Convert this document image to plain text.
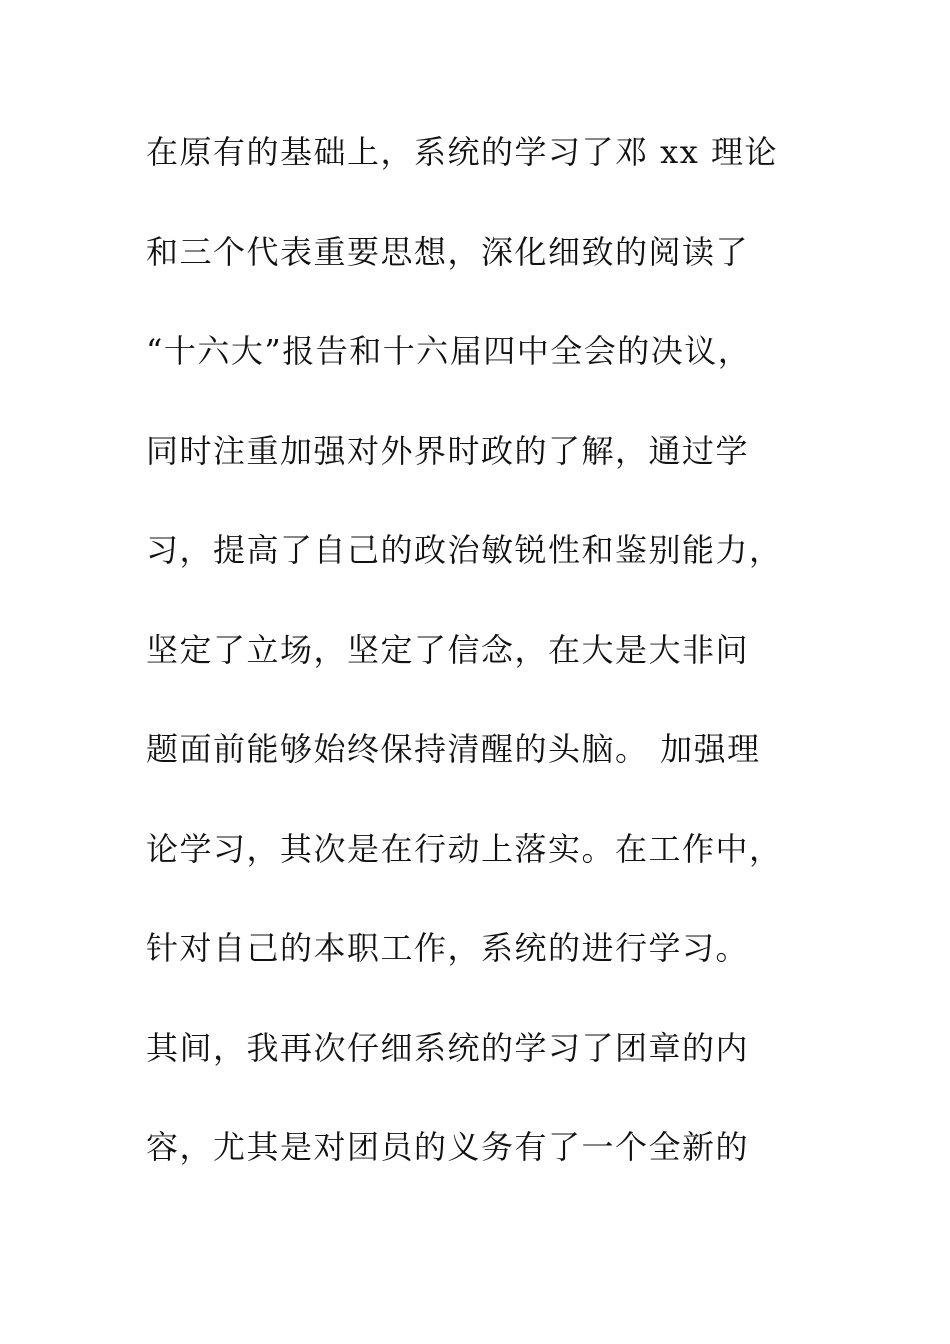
在原有的基础上，系统的学习了邓 xx 理论
和三个代表重要思想，深化细致的阅读了
“十六大”报告和十六届四中全会的决议，
同时注重加强对外界时政的了解，通过学
习，提高了自己的政治敏锐性和鉴别能力，
坚定了立场，坚定了信念，在大是大非问
题面前能够始终保持清醒的头脑。 加强理
论学习，其次是在行动上落实。在工作中，
针对自己的本职工作，系统的进行学习。
其间，我再次仔细系统的学习了团章的内
容，尤其是对团员的义务有了一个全新的
